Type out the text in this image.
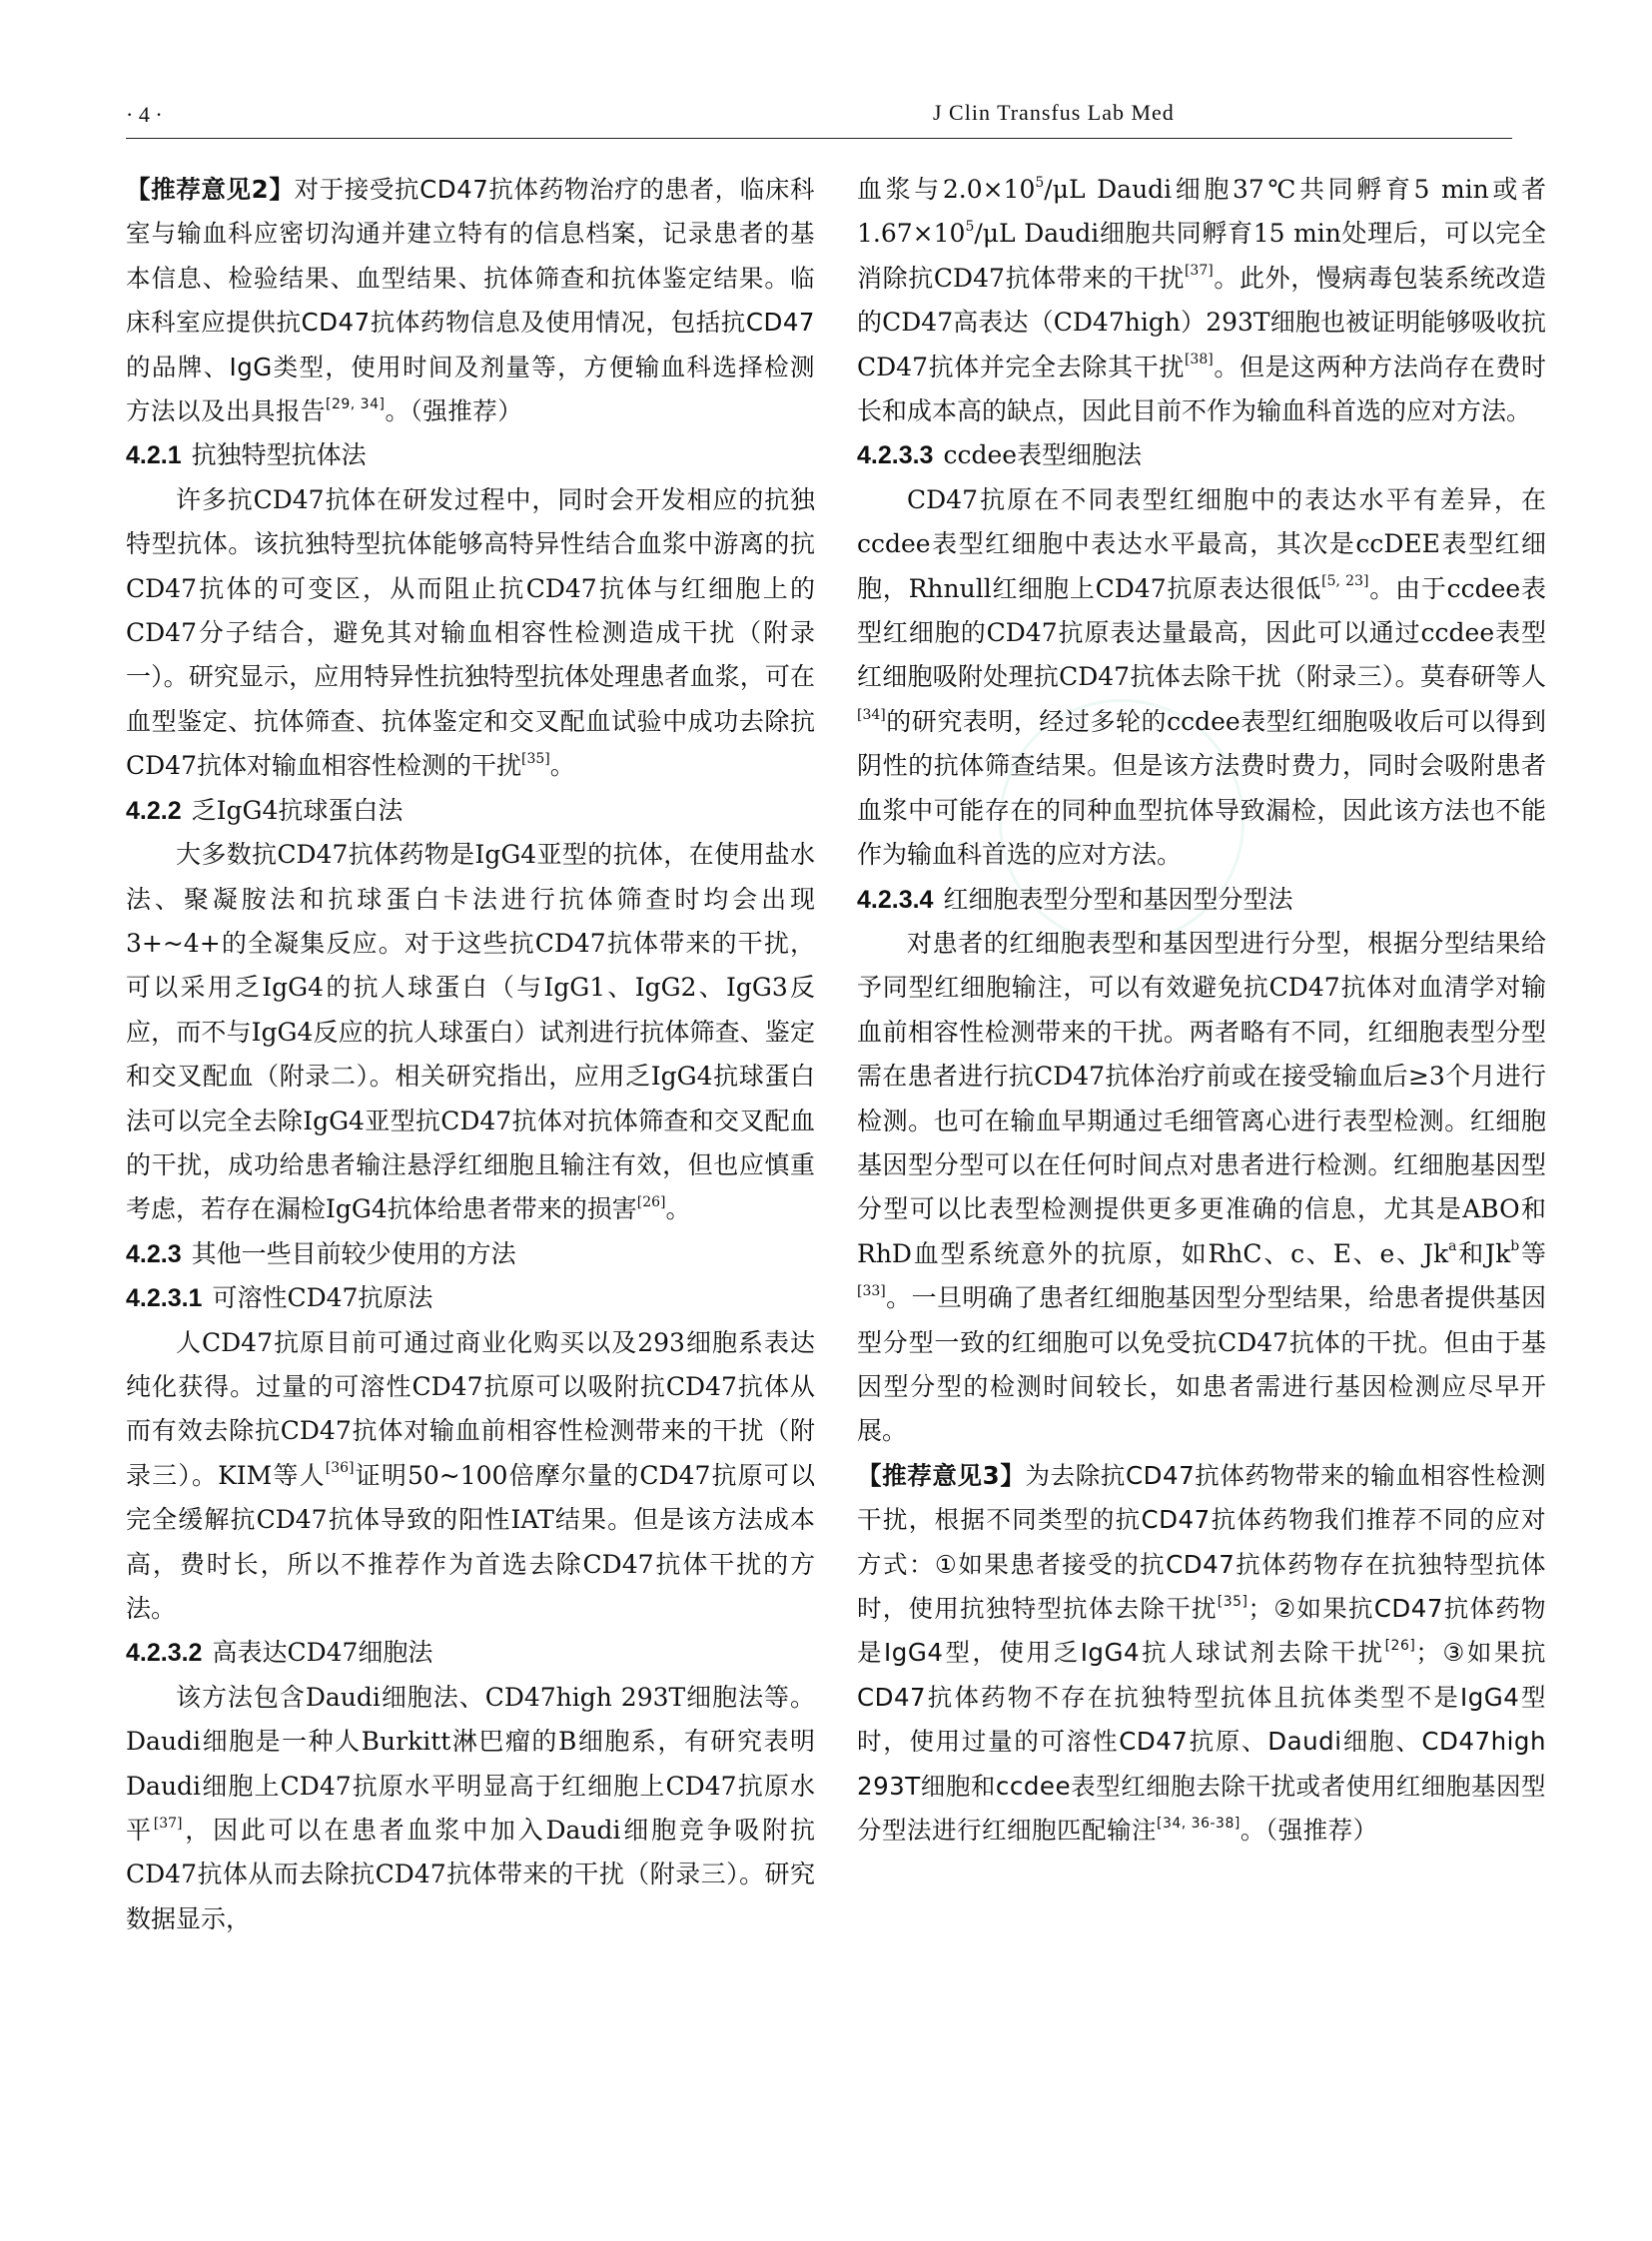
· 4 ·	J Clin Transfus Lab Med

【推荐意见2】对于接受抗CD47抗体药物治疗的患者，临床科室与输血科应密切沟通并建立特有的信息档案，记录患者的基本信息、检验结果、血型结果、抗体筛查和抗体鉴定结果。临床科室应提供抗CD47抗体药物信息及使用情况，包括抗CD47的品牌、IgG类型，使用时间及剂量等，方便输血科选择检测方法以及出具报告[29, 34]。（强推荐）

4.2.1 抗独特型抗体法

许多抗CD47抗体在研发过程中，同时会开发相应的抗独特型抗体。该抗独特型抗体能够高特异性结合血浆中游离的抗CD47抗体的可变区，从而阻止抗CD47抗体与红细胞上的CD47分子结合，避免其对输血相容性检测造成干扰（附录一）。研究显示，应用特异性抗独特型抗体处理患者血浆，可在血型鉴定、抗体筛查、抗体鉴定和交叉配血试验中成功去除抗CD47抗体对输血相容性检测的干扰[35]。

4.2.2 乏IgG4抗球蛋白法

大多数抗CD47抗体药物是IgG4亚型的抗体，在使用盐水法、聚凝胺法和抗球蛋白卡法进行抗体筛查时均会出现3+~4+的全凝集反应。对于这些抗CD47抗体带来的干扰，可以采用乏IgG4的抗人球蛋白（与IgG1、IgG2、IgG3反应，而不与IgG4反应的抗人球蛋白）试剂进行抗体筛查、鉴定和交叉配血（附录二）。相关研究指出，应用乏IgG4抗球蛋白法可以完全去除IgG4亚型抗CD47抗体对抗体筛查和交叉配血的干扰，成功给患者输注悬浮红细胞且输注有效，但也应慎重考虑，若存在漏检IgG4抗体给患者带来的损害[26]。

4.2.3 其他一些目前较少使用的方法

4.2.3.1 可溶性CD47抗原法

人CD47抗原目前可通过商业化购买以及293细胞系表达纯化获得。过量的可溶性CD47抗原可以吸附抗CD47抗体从而有效去除抗CD47抗体对输血前相容性检测带来的干扰（附录三）。KIM等人[36]证明50~100倍摩尔量的CD47抗原可以完全缓解抗CD47抗体导致的阳性IAT结果。但是该方法成本高，费时长，所以不推荐作为首选去除CD47抗体干扰的方法。

4.2.3.2 高表达CD47细胞法

该方法包含Daudi细胞法、CD47high 293T细胞法等。Daudi细胞是一种人Burkitt淋巴瘤的B细胞系，有研究表明Daudi细胞上CD47抗原水平明显高于红细胞上CD47抗原水平[37]，因此可以在患者血浆中加入Daudi细胞竞争吸附抗CD47抗体从而去除抗CD47抗体带来的干扰（附录三）。研究数据显示，

血浆与$2.0\times 10^5/\mu L$ Daudi细胞37℃共同孵育5 min或者$1.67\times 10^5/\mu L$ Daudi细胞共同孵育15 min处理后，可以完全消除抗CD47抗体带来的干扰[37]。此外，慢病毒包装系统改造的CD47高表达（CD47high）293T细胞也被证明能够吸收抗CD47抗体并完全去除其干扰[38]。但是这两种方法尚存在费时长和成本高的缺点，因此目前不作为输血科首选的应对方法。

4.2.3.3 ccdee表型细胞法

CD47抗原在不同表型红细胞中的表达水平有差异，在ccdee表型红细胞中表达水平最高，其次是ccDEE表型红细胞，Rhnull红细胞上CD47抗原表达很低[5, 23]。由于ccdee表型红细胞的CD47抗原表达量最高，因此可以通过ccdee表型红细胞吸附处理抗CD47抗体去除干扰（附录三）。莫春研等人[34]的研究表明，经过多轮的ccdee表型红细胞吸收后可以得到阴性的抗体筛查结果。但是该方法费时费力，同时会吸附患者血浆中可能存在的同种血型抗体导致漏检，因此该方法也不能作为输血科首选的应对方法。

4.2.3.4 红细胞表型分型和基因型分型法

对患者的红细胞表型和基因型进行分型，根据分型结果给予同型红细胞输注，可以有效避免抗CD47抗体对血清学对输血前相容性检测带来的干扰。两者略有不同，红细胞表型分型需在患者进行抗CD47抗体治疗前或在接受输血后≥3个月进行检测。也可在输血早期通过毛细管离心进行表型检测。红细胞基因型分型可以在任何时间点对患者进行检测。红细胞基因型分型可以比表型检测提供更多更准确的信息，尤其是ABO和RhD血型系统意外的抗原，如RhC、c、E、e、Jk$^a$和Jk$^b$等[33]。一旦明确了患者红细胞基因型分型结果，给患者提供基因型分型一致的红细胞可以免受抗CD47抗体的干扰。但由于基因型分型的检测时间较长，如患者需进行基因检测应尽早开展。

【推荐意见3】为去除抗CD47抗体药物带来的输血相容性检测干扰，根据不同类型的抗CD47抗体药物我们推荐不同的应对方式：①如果患者接受的抗CD47抗体药物存在抗独特型抗体时，使用抗独特型抗体去除干扰[35]；②如果抗CD47抗体药物是IgG4型，使用乏IgG4抗人球试剂去除干扰[26]；③如果抗CD47抗体药物不存在抗独特型抗体且抗体类型不是IgG4型时，使用过量的可溶性CD47抗原、Daudi细胞、CD47high 293T细胞和ccdee表型红细胞去除干扰或者使用红细胞基因型分型法进行红细胞匹配输注[34, 36-38]。（强推荐）
